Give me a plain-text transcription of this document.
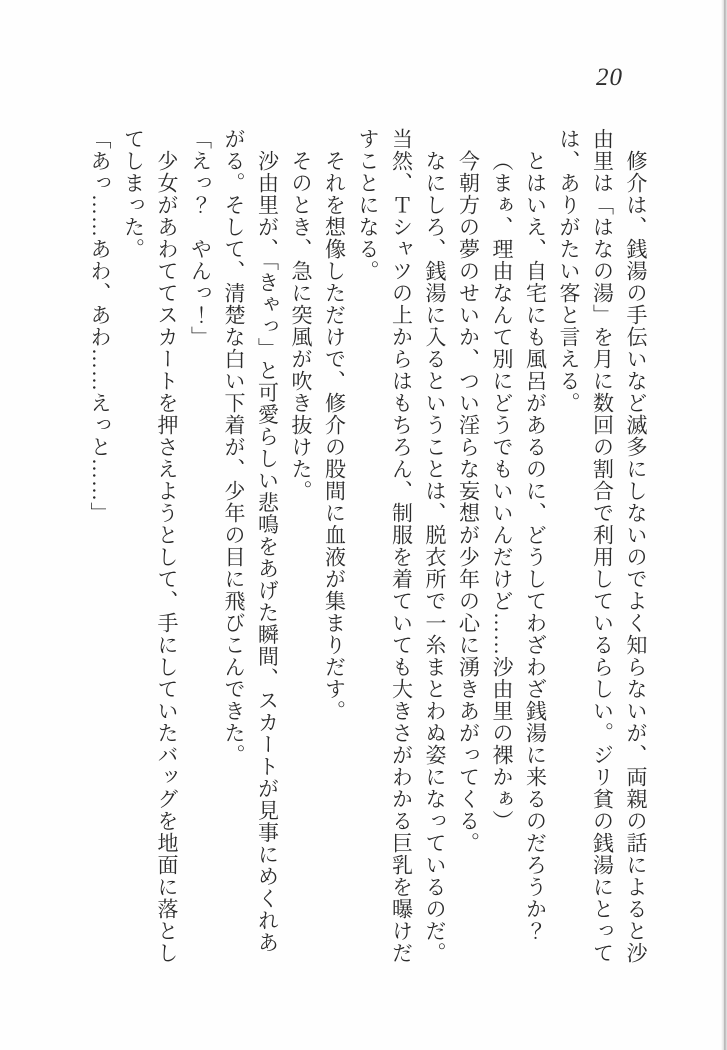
20

修介は、銭湯の手伝いなど滅多にしないのでよく知らないが、両親の話によると沙由里は「はなの湯」を月に数回の割合で利用しているらしい。ジリ貧の銭湯にとっては、ありがたい客と言える。

とはいえ、自宅にも風呂があるのに、どうしてわざわざ銭湯に来るのだろうか？

（まぁ、理由なんて別にどうでもいいんだけど……沙由里の裸かぁ）

今朝方の夢のせいか、つい淫らな妄想が少年の心に湧きあがってくる。

なにしろ、銭湯に入るということは、脱衣所で一糸まとわぬ姿になっているのだ。当然、Ｔシャツの上からはもちろん、制服を着ていても大きさがわかる巨乳を曝けだすことになる。

それを想像しただけで、修介の股間に血液が集まりだす。

そのとき、急に突風が吹き抜けた。

沙由里が、「きゃっ」と可愛らしい悲鳴をあげた瞬間、スカートが見事にめくれあがる。そして、清楚な白い下着が、少年の目に飛びこんできた。

「えっ？　やんっ！」

少女があわててスカートを押さえようとして、手にしていたバッグを地面に落としてしまった。

「あっ……あわ、あわ……えっと……」
